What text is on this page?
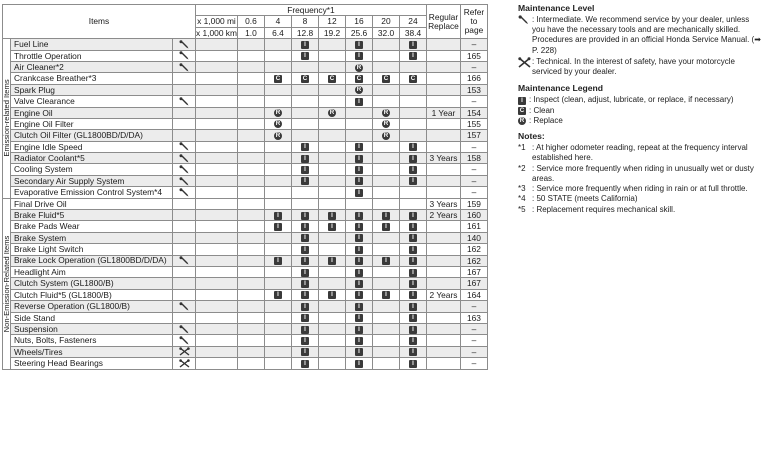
Items			Frequency*1								Regular Replace	Refer to page
			x 1,000 mi	0.6	4	8	12	16	20	24		
			x 1,000 km	1.0	6.4	12.8	19.2	25.6	32.0	38.4		

Emission-related Items	Fuel Line					I		I		I		–
	Throttle Operation					I		I		I		165
	Air Cleaner*2							R				–
	Crankcase Breather*3				C	C	C	C	C	C		166
	Spark Plug							R				153
	Valve Clearance							I				–
	Engine Oil				R		R		R		1 Year	154
	Engine Oil Filter				R				R			155
	Clutch Oil Filter (GL1800BD/D/DA)				R				R			157
	Engine Idle Speed					I		I		I		–
	Radiator Coolant*5					I		I		I	3 Years	158
	Cooling System					I		I		I		–
	Secondary Air Supply System					I		I		I		–
	Evaporative Emission Control System*4							I				–

Non-Emission-Related Items	Final Drive Oil										3 Years	159
	Brake Fluid*5				I	I	I	I	I	I	2 Years	160
	Brake Pads Wear				I	I	I	I	I	I		161
	Brake System					I		I		I		140
	Brake Light Switch					I		I		I		162
	Brake Lock Operation (GL1800BD/D/DA)				I	I	I	I	I	I		162
	Headlight Aim					I		I		I		167
	Clutch System (GL1800/B)					I		I		I		167
	Clutch Fluid*5 (GL1800/B)				I	I	I	I	I	I	2 Years	164
	Reverse Operation (GL1800/B)					I		I		I		–
	Side Stand					I		I		I		163
	Suspension					I		I		I		–
	Nuts, Bolts, Fasteners					I		I		I		–
	Wheels/Tires					I		I		I		–
	Steering Head Bearings					I		I		I		–
Maintenance Level
: Intermediate. We recommend service by your dealer, unless you have the necessary tools and are mechanically skilled. Procedures are provided in an official Honda Service Manual. (➡ P. 228)
: Technical. In the interest of safety, have your motorcycle serviced by your dealer.
Maintenance Legend
I : Inspect (clean, adjust, lubricate, or replace, if necessary)
C : Clean
R : Replace
Notes:
*1 : At higher odometer reading, repeat at the frequency interval established here.
*2 : Service more frequently when riding in unusually wet or dusty areas.
*3 : Service more frequently when riding in rain or at full throttle.
*4 : 50 STATE (meets California)
*5 : Replacement requires mechanical skill.
